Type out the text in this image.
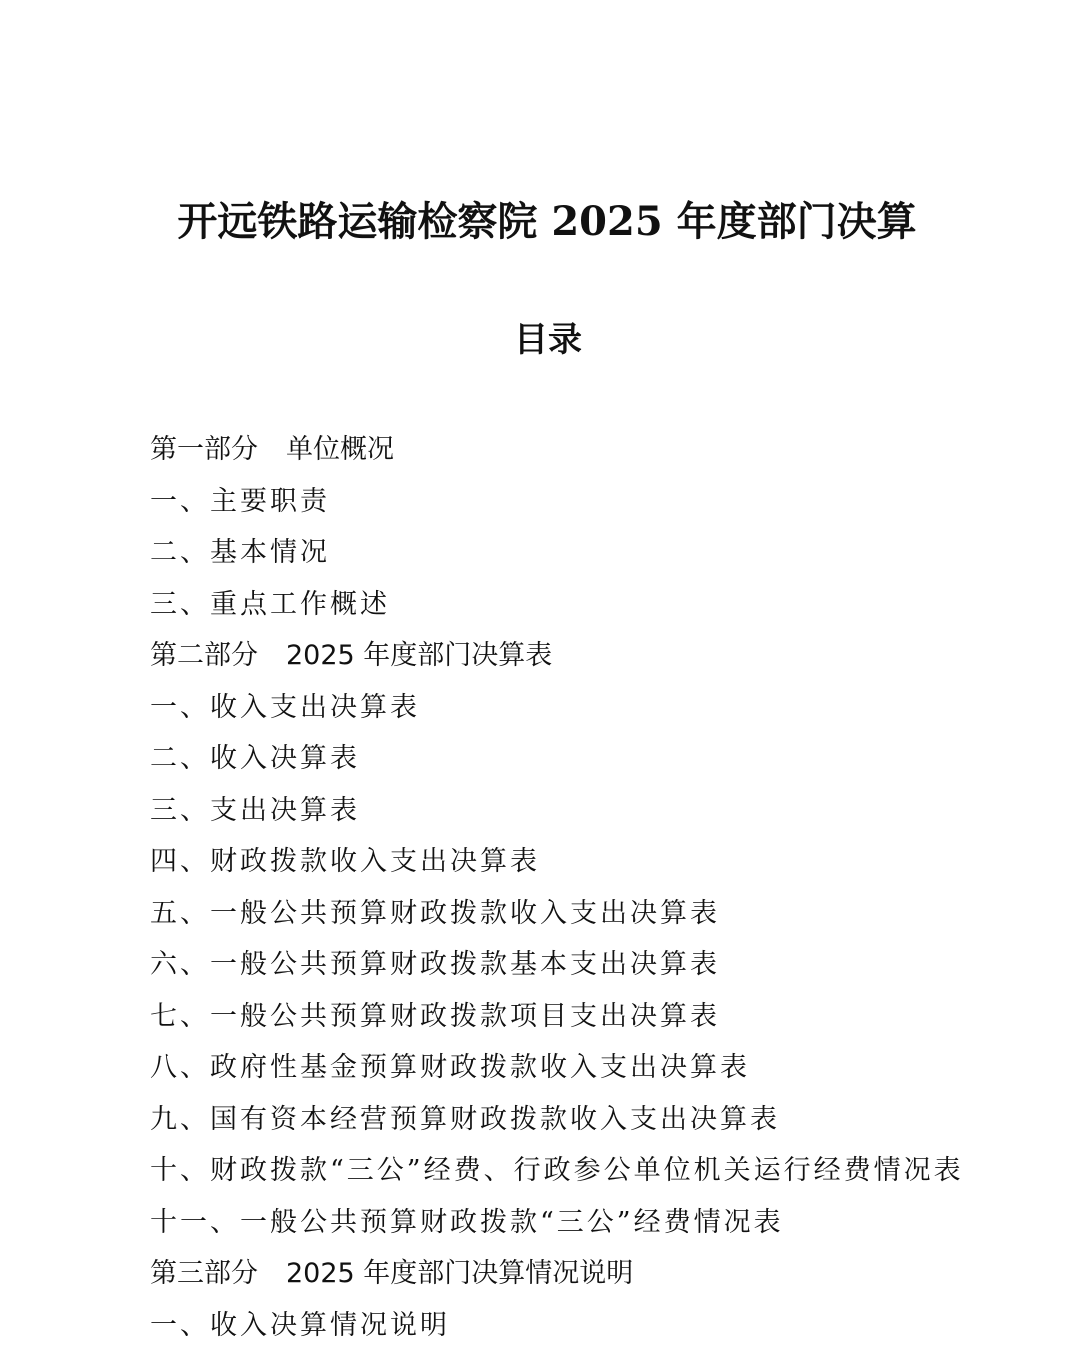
开远铁路运输检察院 2025 年度部门决算
目录
第一部分 单位概况
一、主要职责
二、基本情况
三、重点工作概述
第二部分 2025 年度部门决算表
一、收入支出决算表
二、收入决算表
三、支出决算表
四、财政拨款收入支出决算表
五、一般公共预算财政拨款收入支出决算表
六、一般公共预算财政拨款基本支出决算表
七、一般公共预算财政拨款项目支出决算表
八、政府性基金预算财政拨款收入支出决算表
九、国有资本经营预算财政拨款收入支出决算表
十、财政拨款“三公”经费、行政参公单位机关运行经费情况表
十一、一般公共预算财政拨款“三公”经费情况表
第三部分 2025 年度部门决算情况说明
一、收入决算情况说明
